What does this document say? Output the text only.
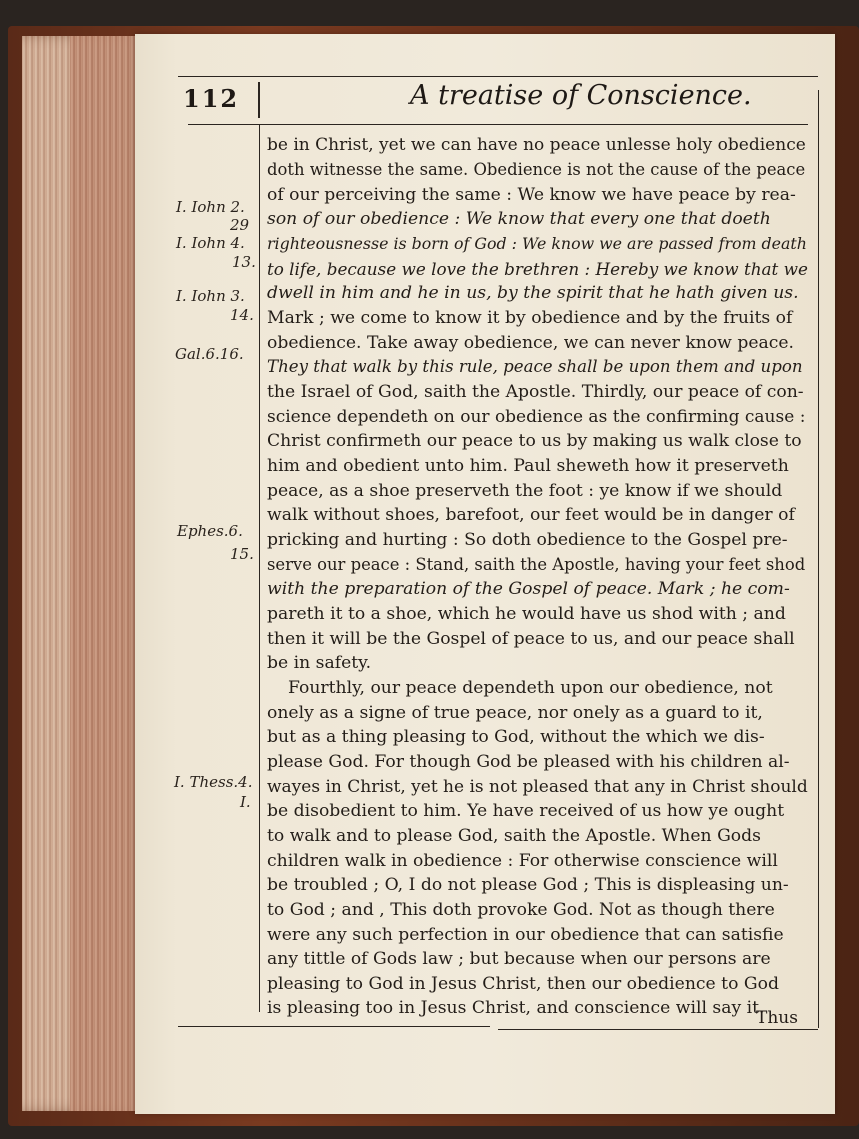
112	A treatise of Conscience.
I. Iohn 2.
29
I. Iohn 4.
13.
I. Iohn 3.
14.
Gal.6.16.
Ephes.6.
15.
I. Thess.4.
I.
be in Christ, yet we can have no peace unlesse holy obedience
doth witnesse the same. Obedience is not the cause of the peace
of our perceiving the same : We know we have peace by rea-
son of our obedience : We know that every one that doeth
righteousnesse is born of God : We know we are passed from death
to life, because we love the brethren : Hereby we know that we
dwell in him and he in us, by the spirit that he hath given us.
Mark ; we come to know it by obedience and by the fruits of
obedience. Take away obedience, we can never know peace.
They that walk by this rule, peace shall be upon them and upon
the Israel of God, saith the Apostle. Thirdly, our peace of con-
science dependeth on our obedience as the confirming cause :
Christ confirmeth our peace to us by making us walk close to
him and obedient unto him. Paul sheweth how it preserveth
peace, as a shoe preserveth the foot : ye know if we should
walk without shoes, barefoot, our feet would be in danger of
pricking and hurting : So doth obedience to the Gospel pre-
serve our peace : Stand, saith the Apostle, having your feet shod
with the preparation of the Gospel of peace. Mark ; he com-
pareth it to a shoe, which he would have us shod with ; and
then it will be the Gospel of peace to us, and our peace shall
be in safety.
Fourthly, our peace dependeth upon our obedience, not
onely as a signe of true peace, nor onely as a guard to it,
but as a thing pleasing to God, without the which we dis-
please God. For though God be pleased with his children al-
wayes in Christ, yet he is not pleased that any in Christ should
be disobedient to him. Ye have received of us how ye ought
to walk and to please God, saith the Apostle. When Gods
children walk in obedience : For otherwise conscience will
be troubled ; O, I do not please God ; This is displeasing un-
to God ; and , This doth provoke God. Not as though there
were any such perfection in our obedience that can satisfie
any tittle of Gods law ; but because when our persons are
pleasing to God in Jesus Christ, then our obedience to God
is pleasing too in Jesus Christ, and conscience will say it.
Thus
